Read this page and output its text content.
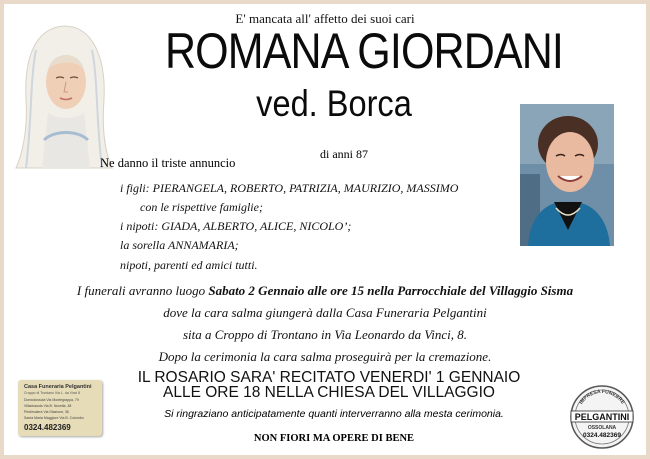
E' mancata all' affetto dei suoi cari
ROMANA GIORDANI
ved. Borca
di anni 87
Ne danno il triste annuncio
i figli: PIERANGELA, ROBERTO, PATRIZIA, MAURIZIO, MASSIMO
con le rispettive famiglie;
i nipoti: GIADA, ALBERTO, ALICE, NICOLO’;
la sorella ANNAMARIA;
nipoti, parenti ed amici tutti.
I funerali avranno luogo Sabato 2 Gennaio alle ore 15 nella Parrocchiale del Villaggio Sisma
dove la cara salma giungerà dalla Casa Funeraria Pelgantini
sita a Croppo di Trontano in Via Leonardo da Vinci, 8.
Dopo la cerimonia la cara salma proseguirà per la cremazione.
IL ROSARIO SARA' RECITATO VENERDI' 1 GENNAIO
ALLE ORE 18 NELLA CHIESA DEL VILLAGGIO
Si ringraziano anticipatamente quanti interverranno alla mesta cerimonia.
NON FIORI MA OPERE DI BENE
Casa Funeraria Pelgantini
Croppo di Trontano Via L. da Vinci 8
Domodossola Via Montegrappa, 79
Villadossola Via B. Novella, 48
Piedimulera Via Stazione, 36
Santa Maria Maggiore Via B. Colombo
0324.482369
IMPRESA FUNEBRE
PELGANTINI
OSSOLANA
0324.482369
